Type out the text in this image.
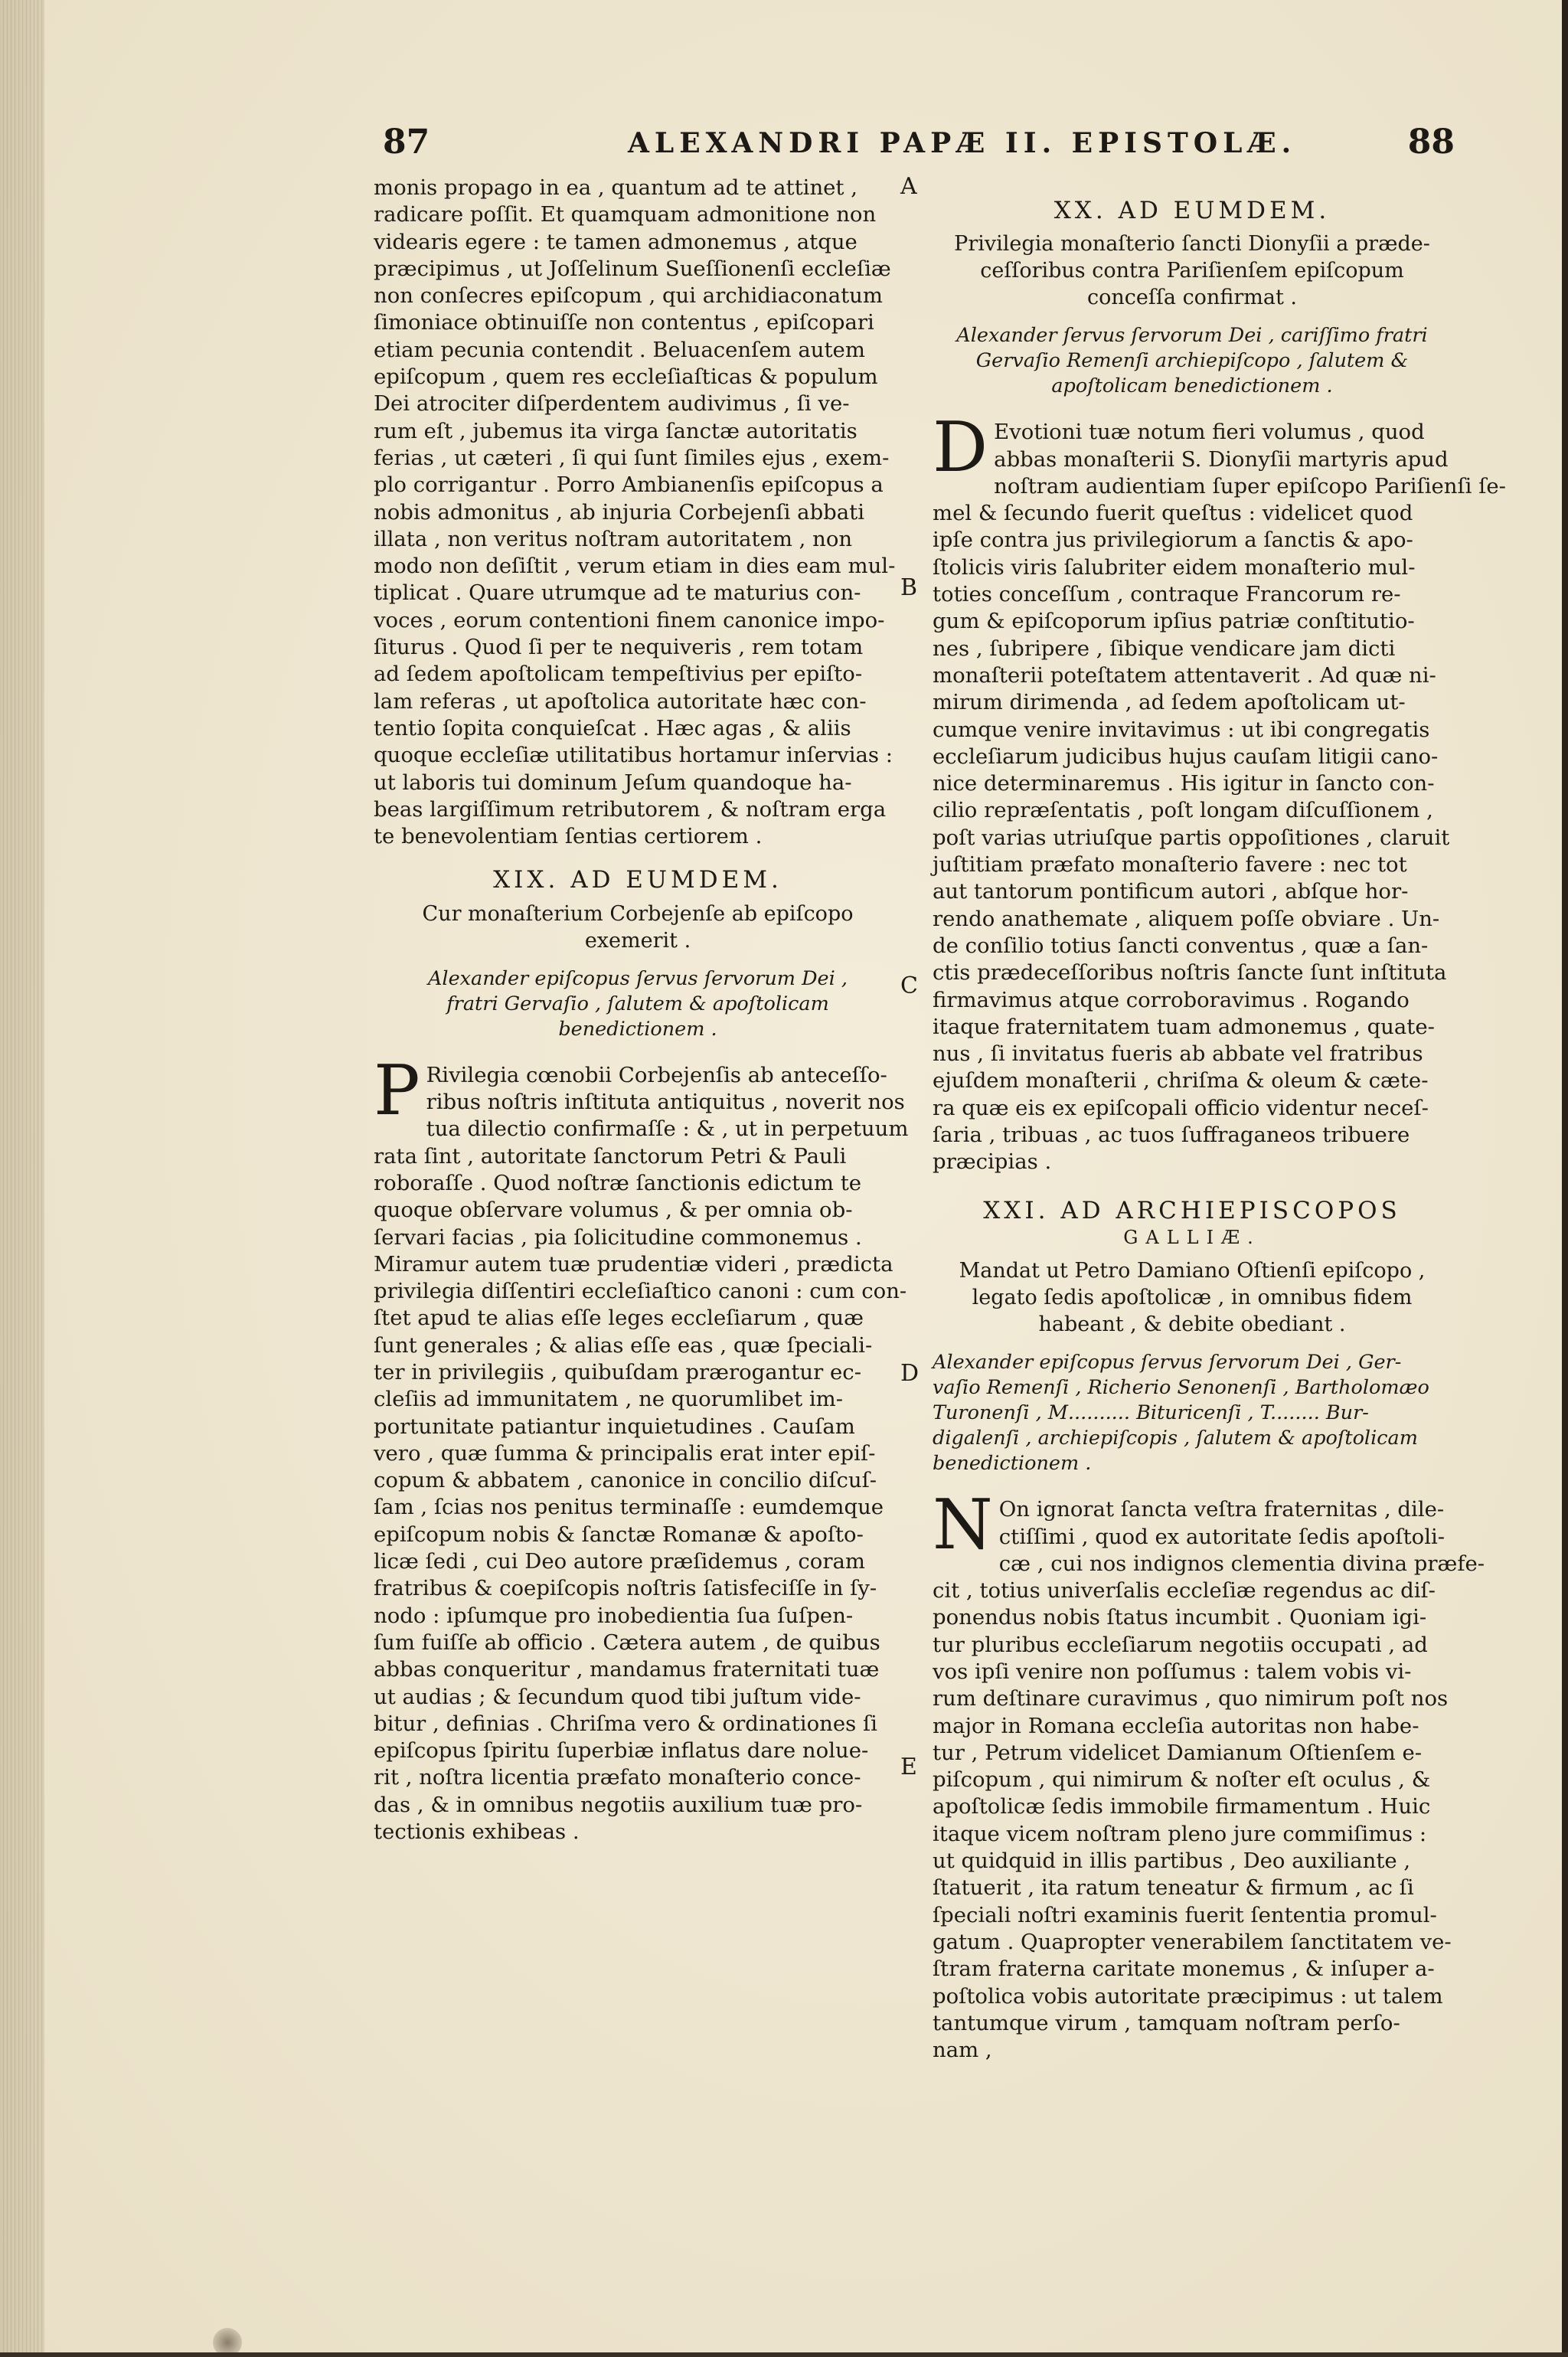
87	ALEXANDRI PAPÆ II. EPISTOLÆ.	88
A
B
C
D
E
monis propago in ea , quantum ad te attinet ,
radicare poſſit. Et quamquam admonitione non
videaris egere : te tamen admonemus , atque
præcipimus , ut Joſſelinum Sueſſionenſi eccleſiæ
non conſecres epiſcopum , qui archidiaconatum
ſimoniace obtinuiſſe non contentus , epiſcopari
etiam pecunia contendit . Beluacenſem autem
epiſcopum , quem res eccleſiaſticas & populum
Dei atrociter diſperdentem audivimus , ſi ve-
rum eſt , jubemus ita virga ſanctæ autoritatis
ferias , ut cæteri , ſi qui ſunt ſimiles ejus , exem-
plo corrigantur . Porro Ambianenſis epiſcopus a
nobis admonitus , ab injuria Corbejenſi abbati
illata , non veritus noſtram autoritatem , non
modo non deſiſtit , verum etiam in dies eam mul-
tiplicat . Quare utrumque ad te maturius con-
voces , eorum contentioni finem canonice impo-
ſiturus . Quod ſi per te nequiveris , rem totam
ad ſedem apoſtolicam tempeſtivius per epiſto-
lam referas , ut apoſtolica autoritate hæc con-
tentio ſopita conquieſcat . Hæc agas , & aliis
quoque eccleſiæ utilitatibus hortamur inſervias :
ut laboris tui dominum Jeſum quandoque ha-
beas largiſſimum retributorem , & noſtram erga
te benevolentiam ſentias certiorem .
XIX. AD EUMDEM.
Cur monaſterium Corbejenſe ab epiſcopo
exemerit .
Alexander epiſcopus ſervus ſervorum Dei ,
fratri Gervaſio , ſalutem & apoſtolicam
benedictionem .
P Rivilegia cœnobii Corbejenſis ab anteceſſo-
ribus noſtris inſtituta antiquitus , noverit nos
tua dilectio confirmaſſe : & , ut in perpetuum
rata ſint , autoritate ſanctorum Petri & Pauli
roboraſſe . Quod noſtræ ſanctionis edictum te
quoque obſervare volumus , & per omnia ob-
ſervari facias , pia ſolicitudine commonemus .
Miramur autem tuæ prudentiæ videri , prædicta
privilegia diſſentiri eccleſiaſtico canoni : cum con-
ſtet apud te alias eſſe leges eccleſiarum , quæ
ſunt generales ; & alias eſſe eas , quæ ſpeciali-
ter in privilegiis , quibuſdam prærogantur ec-
cleſiis ad immunitatem , ne quorumlibet im-
portunitate patiantur inquietudines . Cauſam
vero , quæ ſumma & principalis erat inter epiſ-
copum & abbatem , canonice in concilio diſcuſ-
ſam , ſcias nos penitus terminaſſe : eumdemque
epiſcopum nobis & ſanctæ Romanæ & apoſto-
licæ ſedi , cui Deo autore præſidemus , coram
fratribus & coepiſcopis noſtris ſatisfeciſſe in ſy-
nodo : ipſumque pro inobedientia ſua ſuſpen-
ſum fuiſſe ab officio . Cætera autem , de quibus
abbas conqueritur , mandamus fraternitati tuæ
ut audias ; & ſecundum quod tibi juſtum vide-
bitur , definias . Chriſma vero & ordinationes ſi
epiſcopus ſpiritu ſuperbiæ inflatus dare nolue-
rit , noſtra licentia præfato monaſterio conce-
das , & in omnibus negotiis auxilium tuæ pro-
tectionis exhibeas .
XX. AD EUMDEM.
Privilegia monaſterio ſancti Dionyſii a præde-
ceſſoribus contra Pariſienſem epiſcopum
conceſſa confirmat .
Alexander ſervus ſervorum Dei , cariſſimo fratri
Gervaſio Remenſi archiepiſcopo , ſalutem &
apoſtolicam benedictionem .
D Evotioni tuæ notum fieri volumus , quod
abbas monaſterii S. Dionyſii martyris apud
noſtram audientiam ſuper epiſcopo Pariſienſi ſe-
mel & ſecundo fuerit queſtus : videlicet quod
ipſe contra jus privilegiorum a ſanctis & apo-
ſtolicis viris ſalubriter eidem monaſterio mul-
toties conceſſum , contraque Francorum re-
gum & epiſcoporum ipſius patriæ conſtitutio-
nes , ſubripere , ſibique vendicare jam dicti
monaſterii poteſtatem attentaverit . Ad quæ ni-
mirum dirimenda , ad ſedem apoſtolicam ut-
cumque venire invitavimus : ut ibi congregatis
eccleſiarum judicibus hujus cauſam litigii cano-
nice determinaremus . His igitur in ſancto con-
cilio repræſentatis , poſt longam diſcuſſionem ,
poſt varias utriuſque partis oppoſitiones , claruit
juſtitiam præfato monaſterio favere : nec tot
aut tantorum pontificum autori , abſque hor-
rendo anathemate , aliquem poſſe obviare . Un-
de conſilio totius ſancti conventus , quæ a ſan-
ctis prædeceſſoribus noſtris ſancte ſunt inſtituta
firmavimus atque corroboravimus . Rogando
itaque fraternitatem tuam admonemus , quate-
nus , ſi invitatus fueris ab abbate vel fratribus
ejuſdem monaſterii , chriſma & oleum & cæte-
ra quæ eis ex epiſcopali officio videntur neceſ-
ſaria , tribuas , ac tuos ſuffraganeos tribuere
præcipias .
XXI. AD ARCHIEPISCOPOS
GALLIÆ.
Mandat ut Petro Damiano Oſtienſi epiſcopo ,
legato ſedis apoſtolicæ , in omnibus fidem
habeant , & debite obediant .
Alexander epiſcopus ſervus ſervorum Dei , Ger-
vaſio Remenſi , Richerio Senonenſi , Bartholomæo
Turonenſi , M.......... Bituricenſi , T........ Bur-
digalenſi , archiepiſcopis , ſalutem & apoſtolicam
benedictionem .
N On ignorat ſancta veſtra fraternitas , dile-
ctiſſimi , quod ex autoritate ſedis apoſtoli-
cæ , cui nos indignos clementia divina præfe-
cit , totius univerſalis eccleſiæ regendus ac diſ-
ponendus nobis ſtatus incumbit . Quoniam igi-
tur pluribus eccleſiarum negotiis occupati , ad
vos ipſi venire non poſſumus : talem vobis vi-
rum deſtinare curavimus , quo nimirum poſt nos
major in Romana eccleſia autoritas non habe-
tur , Petrum videlicet Damianum Oſtienſem e-
piſcopum , qui nimirum & noſter eſt oculus , &
apoſtolicæ ſedis immobile firmamentum . Huic
itaque vicem noſtram pleno jure commiſimus :
ut quidquid in illis partibus , Deo auxiliante ,
ſtatuerit , ita ratum teneatur & firmum , ac ſi
ſpeciali noſtri examinis fuerit ſententia promul-
gatum . Quapropter venerabilem ſanctitatem ve-
ſtram fraterna caritate monemus , & inſuper a-
poſtolica vobis autoritate præcipimus : ut talem
tantumque virum , tamquam noſtram perſo-
nam ,
